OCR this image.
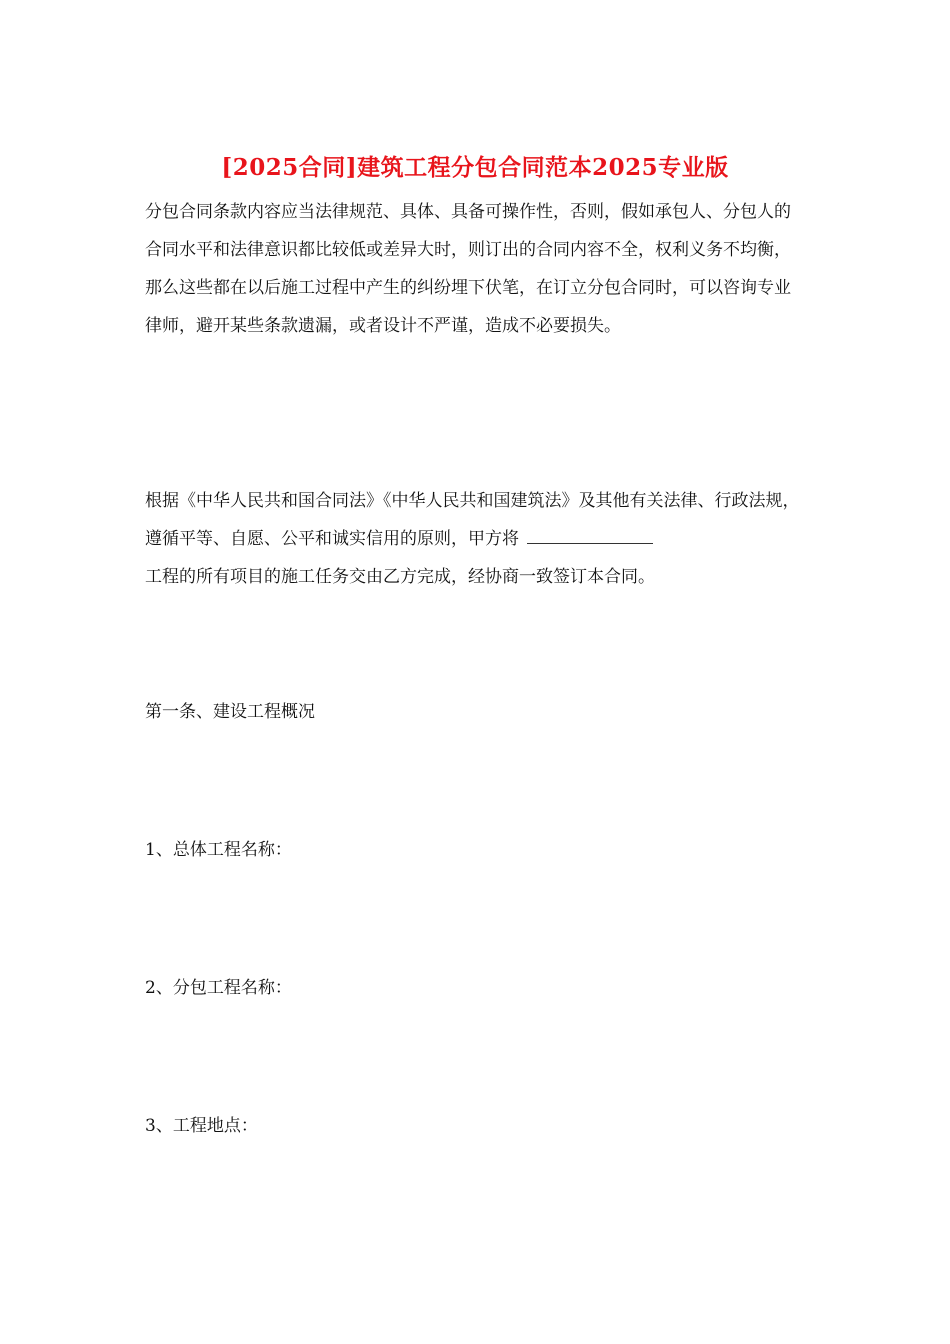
[2025合同]建筑工程分包合同范本2025专业版

分包合同条款内容应当法律规范、具体、具备可操作性，否则，假如承包人、分包人的合同水平和法律意识都比较低或差异大时，则订出的合同内容不全，权利义务不均衡，那么这些都在以后施工过程中产生的纠纷埋下伏笔，在订立分包合同时，可以咨询专业律师，避开某些条款遗漏，或者设计不严谨，造成不必要损失。

根据《中华人民共和国合同法》《中华人民共和国建筑法》及其他有关法律、行政法规，遵循平等、自愿、公平和诚实信用的原则，甲方将
工程的所有项目的施工任务交由乙方完成，经协商一致签订本合同。

第一条、建设工程概况

1、总体工程名称：

2、分包工程名称：

3、工程地点：
